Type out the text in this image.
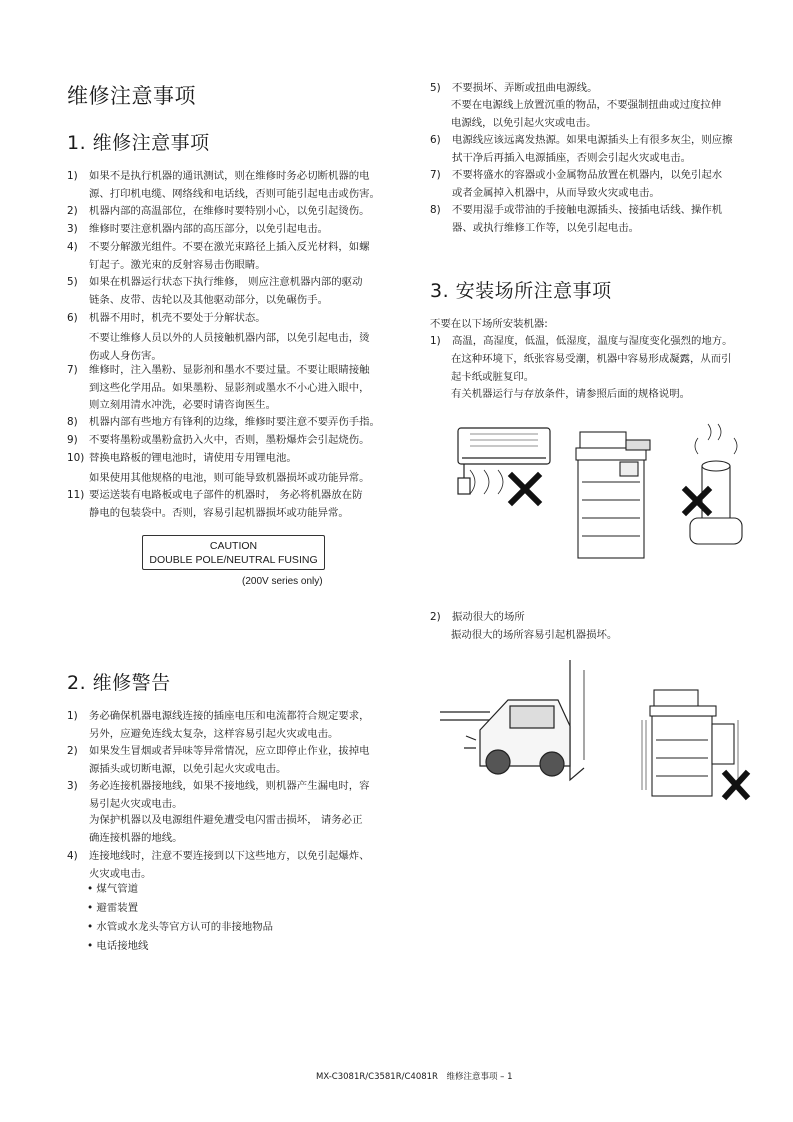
维修注意事项
1. 维修注意事项
1) 如果不是执行机器的通讯测试，则在维修时务必切断机器的电
源、打印机电缆、网络线和电话线，否则可能引起电击或伤害。
2) 机器内部的高温部位，在维修时要特别小心，以免引起烫伤。
3) 维修时要注意机器内部的高压部分，以免引起电击。
4) 不要分解激光组件。不要在激光束路径上插入反光材料，如螺
钉起子。激光束的反射容易击伤眼睛。
5) 如果在机器运行状态下执行维修， 则应注意机器内部的驱动
链条、皮带、齿轮以及其他驱动部分，以免碾伤手。
6) 机器不用时，机壳不要处于分解状态。
7) 维修时，注入墨粉、显影剂和墨水不要过量。不要让眼睛接触
到这些化学用品。如果墨粉、显影剂或墨水不小心进入眼中，
则立刻用清水冲洗，必要时请咨询医生。
8) 机器内部有些地方有锋利的边缘，维修时要注意不要弄伤手指。
9) 不要将墨粉或墨粉盒扔入火中，否则，墨粉爆炸会引起烧伤。
10) 替换电路板的锂电池时，请使用专用锂电池。
11) 要运送装有电路板或电子部件的机器时， 务必将机器放在防
静电的包装袋中。否则，容易引起机器损坏或功能异常。
不要让维修人员以外的人员接触机器内部，以免引起电击，烫
伤或人身伤害。
如果使用其他规格的电池，则可能导致机器损坏或功能异常。
CAUTION
DOUBLE POLE/NEUTRAL FUSING
(200V series only)
2. 维修警告
1) 务必确保机器电源线连接的插座电压和电流都符合规定要求，
另外，应避免连线太复杂，这样容易引起火灾或电击。
2) 如果发生冒烟或者异味等异常情况，应立即停止作业，拔掉电
源插头或切断电源，以免引起火灾或电击。
3) 务必连接机器接地线，如果不接地线，则机器产生漏电时，容
易引起火灾或电击。
4) 连接地线时，注意不要连接到以下这些地方，以免引起爆炸、
火灾或电击。
为保护机器以及电源组件避免遭受电闪雷击损坏， 请务必正
确连接机器的地线。
• 煤气管道
• 避雷装置
• 水管或水龙头等官方认可的非接地物品
• 电话接地线
5) 不要损坏、弄断或扭曲电源线。
6) 电源线应该远离发热源。如果电源插头上有很多灰尘，则应擦
拭干净后再插入电源插座，否则会引起火灾或电击。
7) 不要将盛水的容器或小金属物品放置在机器内，以免引起水
或者金属掉入机器中，从而导致火灾或电击。
8) 不要用湿手或带油的手接触电源插头、接插电话线、操作机
器、或执行维修工作等，以免引起电击。
不要在电源线上放置沉重的物品，不要强制扭曲或过度拉伸
电源线，以免引起火灾或电击。
3. 安装场所注意事项
不要在以下场所安装机器:
1) 高温，高湿度，低温，低湿度，温度与湿度变化强烈的地方。
在这种环境下，纸张容易受潮，机器中容易形成凝露，从而引
起卡纸或脏复印。
有关机器运行与存放条件，请参照后面的规格说明。
2) 振动很大的场所
振动很大的场所容易引起机器损坏。
MX-C3081R/C3581R/C4081R　维修注意事项 – 1
